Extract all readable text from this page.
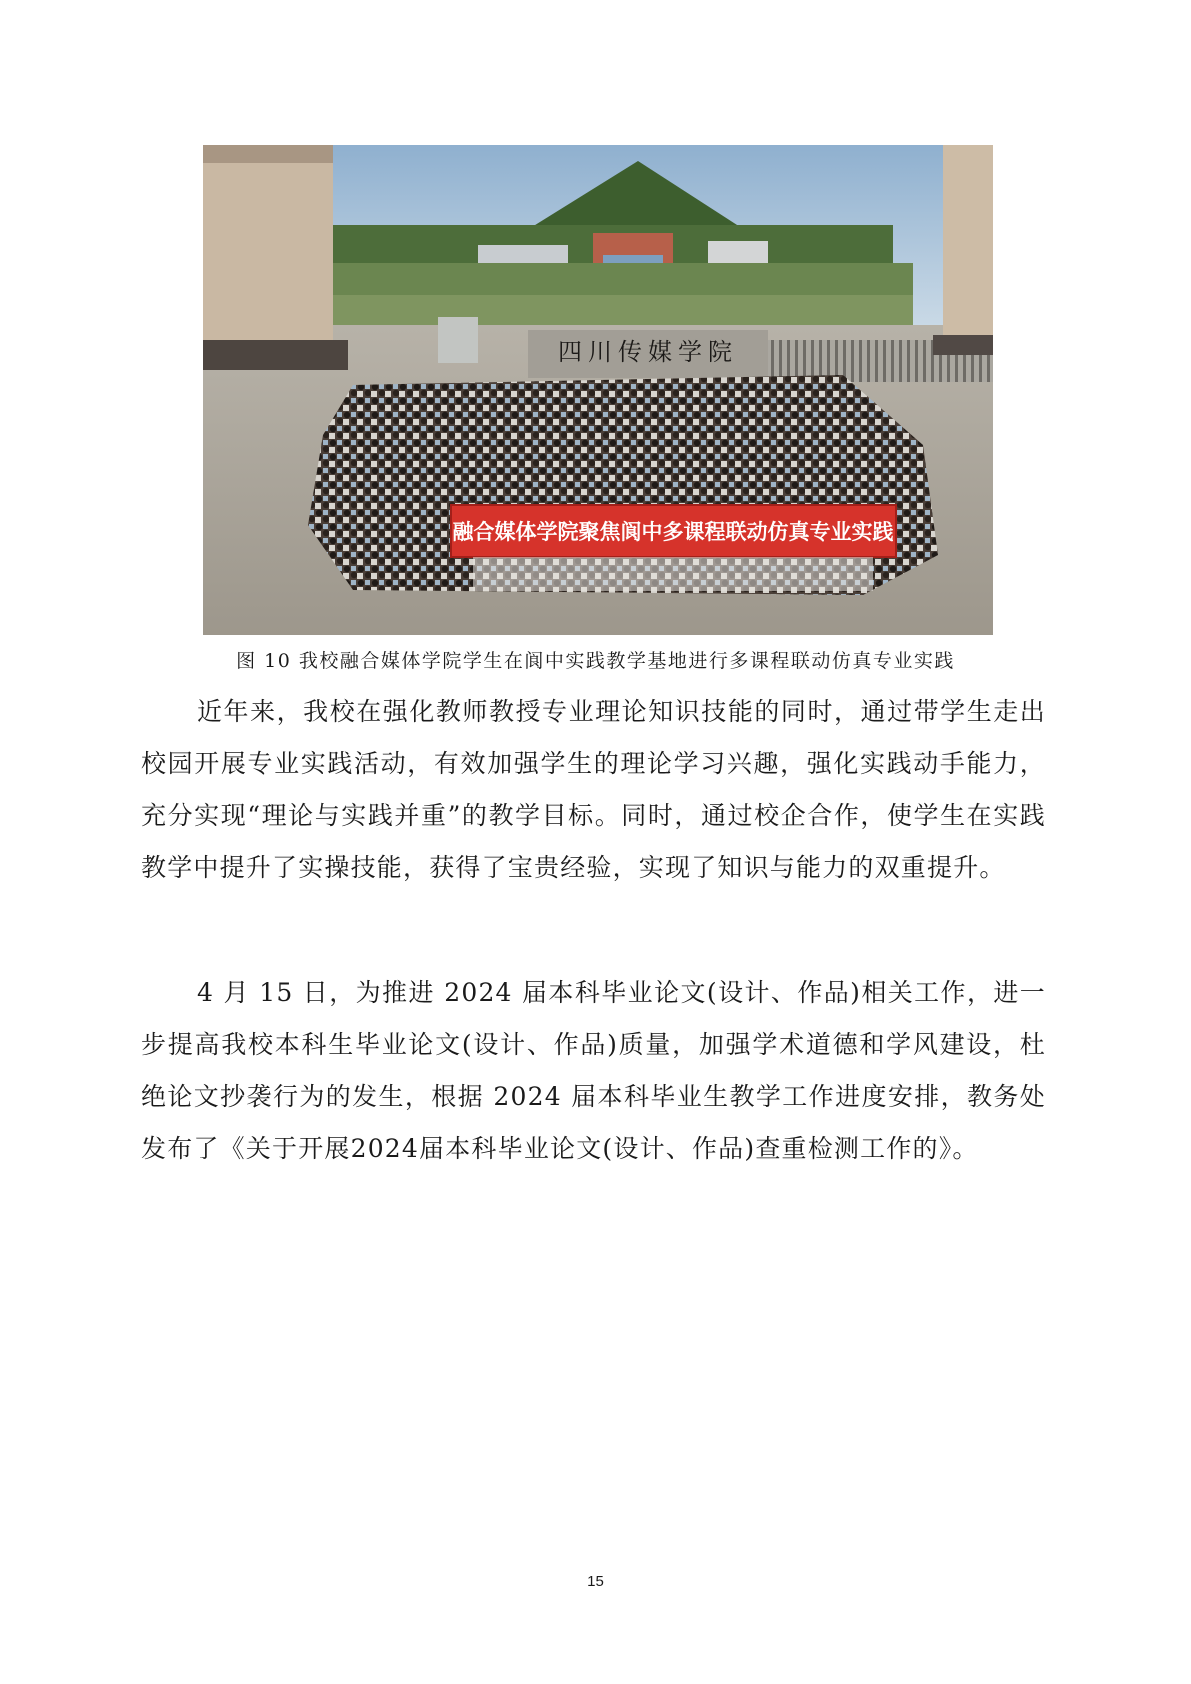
四川传媒学院
融合媒体学院聚焦阆中多课程联动仿真专业实践
图 10 我校融合媒体学院学生在阆中实践教学基地进行多课程联动仿真专业实践

近年来，我校在强化教师教授专业理论知识技能的同时，通过带学生走出校园开展专业实践活动，有效加强学生的理论学习兴趣，强化实践动手能力，充分实现“理论与实践并重”的教学目标。同时，通过校企合作，使学生在实践教学中提升了实操技能，获得了宝贵经验，实现了知识与能力的双重提升。

4 月 15 日，为推进 2024 届本科毕业论文(设计、作品)相关工作，进一步提高我校本科生毕业论文(设计、作品)质量，加强学术道德和学风建设，杜绝论文抄袭行为的发生，根据 2024 届本科毕业生教学工作进度安排，教务处发布了《关于开展2024届本科毕业论文(设计、作品)查重检测工作的》。

15
